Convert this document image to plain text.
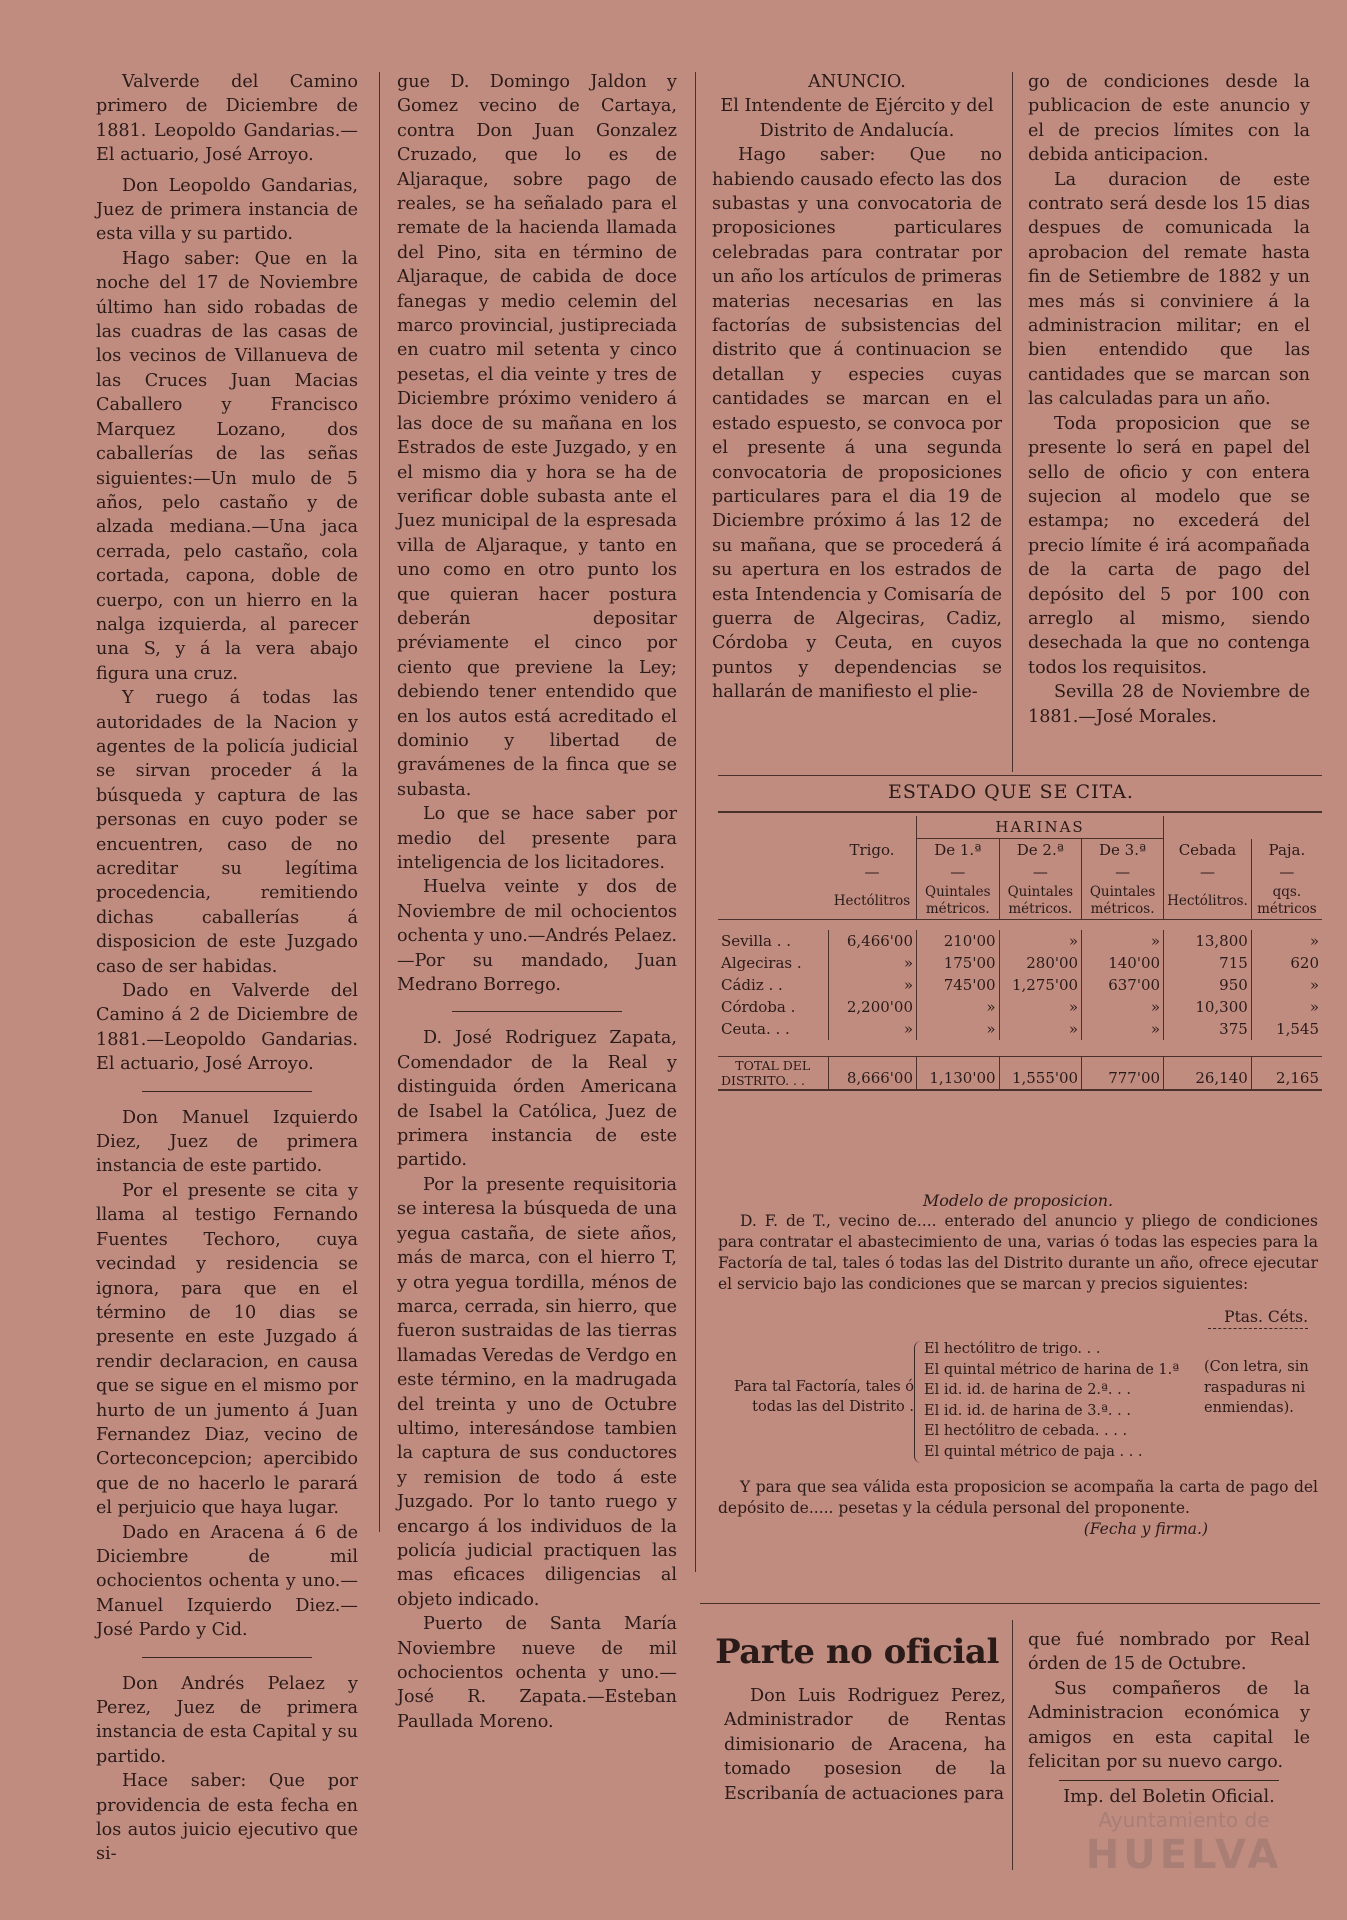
Valverde del Camino primero de Diciembre de 1881. Leopoldo Gandarias.—El actuario, José Arroyo.

Don Leopoldo Gandarias, Juez de primera instancia de esta villa y su partido.

Hago saber: Que en la noche del 17 de Noviembre último han sido robadas de las cuadras de las casas de los vecinos de Villanueva de las Cruces Juan Macias Caballero y Francisco Marquez Lozano, dos caballerías de las señas siguientes:—Un mulo de 5 años, pelo castaño y de alzada mediana.—Una jaca cerrada, pelo castaño, cola cortada, capona, doble de cuerpo, con un hierro en la nalga izquierda, al parecer una S, y á la vera abajo figura una cruz.

Y ruego á todas las autoridades de la Nacion y agentes de la policía judicial se sirvan proceder á la búsqueda y captura de las personas en cuyo poder se encuentren, caso de no acreditar su legítima procedencia, remitiendo dichas caballerías á disposicion de este Juzgado caso de ser habidas.

Dado en Valverde del Camino á 2 de Diciembre de 1881.—Leopoldo Gandarias. El actuario, José Arroyo.

Don Manuel Izquierdo Diez, Juez de primera instancia de este partido.

Por el presente se cita y llama al testigo Fernando Fuentes Techoro, cuya vecindad y residencia se ignora, para que en el término de 10 dias se presente en este Juzgado á rendir declaracion, en causa que se sigue en el mismo por hurto de un jumento á Juan Fernandez Diaz, vecino de Corteconcepcion; apercibido que de no hacerlo le parará el perjuicio que haya lugar.

Dado en Aracena á 6 de Diciembre de mil ochocientos ochenta y uno.—Manuel Izquierdo Diez.—José Pardo y Cid.

Don Andrés Pelaez y Perez, Juez de primera instancia de esta Capital y su partido.

Hace saber: Que por providencia de esta fecha en los autos juicio ejecutivo que si-

gue D. Domingo Jaldon y Gomez vecino de Cartaya, contra Don Juan Gonzalez Cruzado, que lo es de Aljaraque, sobre pago de reales, se ha señalado para el remate de la hacienda llamada del Pino, sita en término de Aljaraque, de cabida de doce fanegas y medio celemin del marco provincial, justipreciada en cuatro mil setenta y cinco pesetas, el dia veinte y tres de Diciembre próximo venidero á las doce de su mañana en los Estrados de este Juzgado, y en el mismo dia y hora se ha de verificar doble subasta ante el Juez municipal de la espresada villa de Aljaraque, y tanto en uno como en otro punto los que quieran hacer postura deberán depositar préviamente el cinco por ciento que previene la Ley; debiendo tener entendido que en los autos está acreditado el dominio y libertad de gravámenes de la finca que se subasta.

Lo que se hace saber por medio del presente para inteligencia de los licitadores.

Huelva veinte y dos de Noviembre de mil ochocientos ochenta y uno.—Andrés Pelaez.—Por su mandado, Juan Medrano Borrego.

D. José Rodriguez Zapata, Comendador de la Real y distinguida órden Americana de Isabel la Católica, Juez de primera instancia de este partido.

Por la presente requisitoria se interesa la búsqueda de una yegua castaña, de siete años, más de marca, con el hierro T, y otra yegua tordilla, ménos de marca, cerrada, sin hierro, que fueron sustraidas de las tierras llamadas Veredas de Verdgo en este término, en la madrugada del treinta y uno de Octubre ultimo, interesándose tambien la captura de sus conductores y remision de todo á este Juzgado. Por lo tanto ruego y encargo á los individuos de la policía judicial practiquen las mas eficaces diligencias al objeto indicado.

Puerto de Santa María Noviembre nueve de mil ochocientos ochenta y uno.—José R. Zapata.—Esteban Paullada Moreno.

ANUNCIO.

El Intendente de Ejército y del Distrito de Andalucía.

Hago saber: Que no habiendo causado efecto las dos subastas y una convocatoria de proposiciones particulares celebradas para contratar por un año los artículos de primeras materias necesarias en las factorías de subsistencias del distrito que á continuacion se detallan y especies cuyas cantidades se marcan en el estado espuesto, se convoca por el presente á una segunda convocatoria de proposiciones particulares para el dia 19 de Diciembre próximo á las 12 de su mañana, que se procederá á su apertura en los estrados de esta Intendencia y Comisaría de guerra de Algeciras, Cadiz, Córdoba y Ceuta, en cuyos puntos y dependencias se hallarán de manifiesto el plie-

go de condiciones desde la publicacion de este anuncio y el de precios límites con la debida anticipacion.

La duracion de este contrato será desde los 15 dias despues de comunicada la aprobacion del remate hasta fin de Setiembre de 1882 y un mes más si conviniere á la administracion militar; en el bien entendido que las cantidades que se marcan son las calculadas para un año.

Toda proposicion que se presente lo será en papel del sello de oficio y con entera sujecion al modelo que se estampa; no excederá del precio límite é irá acompañada de la carta de pago del depósito del 5 por 100 con arreglo al mismo, siendo desechada la que no contenga todos los requisitos.

Sevilla 28 de Noviembre de 1881.—José Morales.

ESTADO QUE SE CITA.
		HARINAS				
	Trigo.	De 1.ª	De 2.ª	De 3.ª	Cebada	Paja.
	—	—	—	—	—	—
	Hectólitros	Quintales métricos.	Quintales métricos.	Quintales métricos.	Hectólitros.	qqs. métricos

Sevilla . .	6,466'00	210'00	»	»	13,800	»
Algeciras .	»	175'00	280'00	140'00	715	620
Cádiz . .	»	745'00	1,275'00	637'00	950	»
Córdoba .	2,200'00	»	»	»	10,300	»
Ceuta. . .	»	»	»	»	375	1,545

TOTAL DEL
DISTRITO. . .	8,666'00	1,130'00	1,555'00	777'00	26,140	2,165

Modelo de proposicion.
D. F. de T., vecino de.... enterado del anuncio y pliego de condiciones para contratar el abastecimiento de una, varias ó todas las especies para la Factoría de tal, tales ó todas las del Distrito durante un año, ofrece ejecutar el servicio bajo las condiciones que se marcan y precios siguientes:
Ptas. Céts.
Para tal Factoría, tales ó todas las del Distrito .
El hectólitro de trigo. . .
El quintal métrico de harina de 1.ª
El id. id. de harina de 2.ª. . .
El id. id. de harina de 3.ª. . .
El hectólitro de cebada. . . .
El quintal métrico de paja . . .
(Con letra, sin raspaduras ni enmiendas).
Y para que sea válida esta proposicion se acompaña la carta de pago del depósito de..... pesetas y la cédula personal del proponente.
(Fecha y firma.)
Parte no oficial

Don Luis Rodriguez Perez, Administrador de Rentas dimisionario de Aracena, ha tomado posesion de la Escribanía de actuaciones para

que fué nombrado por Real órden de 15 de Octubre.

Sus compañeros de la Administracion económica y amigos en esta capital le felicitan por su nuevo cargo.

Imp. del Boletin Oficial.

Ayuntamiento de
HUELVA
